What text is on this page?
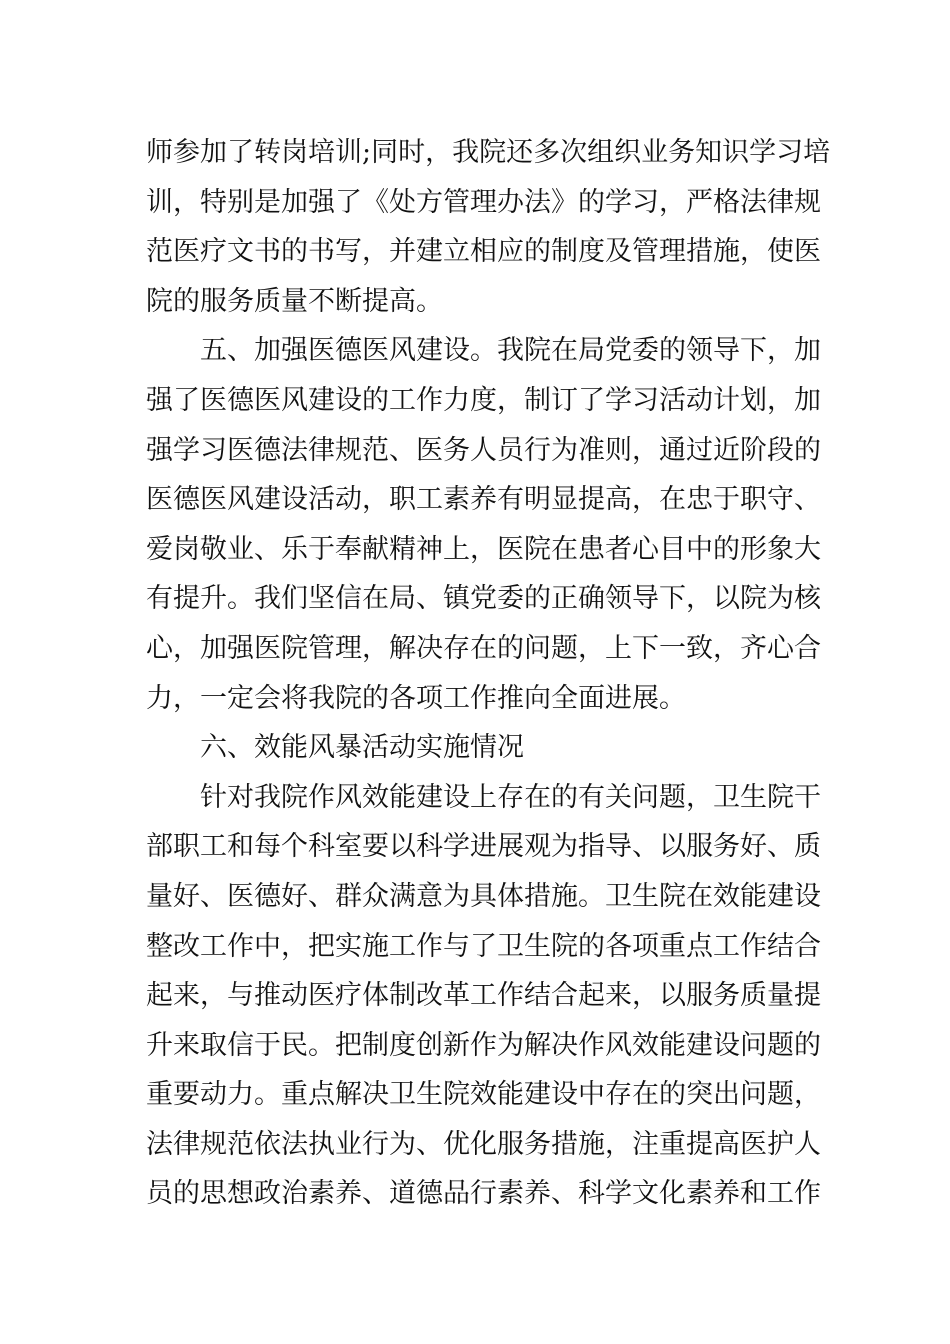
师参加了转岗培训;同时，我院还多次组织业务知识学习培
训，特别是加强了《处方管理办法》的学习，严格法律规
范医疗文书的书写，并建立相应的制度及管理措施，使医
院的服务质量不断提高。
五、加强医德医风建设。我院在局党委的领导下，加
强了医德医风建设的工作力度，制订了学习活动计划，加
强学习医德法律规范、医务人员行为准则，通过近阶段的
医德医风建设活动，职工素养有明显提高，在忠于职守、
爱岗敬业、乐于奉献精神上，医院在患者心目中的形象大
有提升。我们坚信在局、镇党委的正确领导下，以院为核
心，加强医院管理，解决存在的问题，上下一致，齐心合
力，一定会将我院的各项工作推向全面进展。
六、效能风暴活动实施情况
针对我院作风效能建设上存在的有关问题，卫生院干
部职工和每个科室要以科学进展观为指导、以服务好、质
量好、医德好、群众满意为具体措施。卫生院在效能建设
整改工作中，把实施工作与了卫生院的各项重点工作结合
起来，与推动医疗体制改革工作结合起来，以服务质量提
升来取信于民。把制度创新作为解决作风效能建设问题的
重要动力。重点解决卫生院效能建设中存在的突出问题，
法律规范依法执业行为、优化服务措施，注重提高医护人
员的思想政治素养、道德品行素养、科学文化素养和工作
